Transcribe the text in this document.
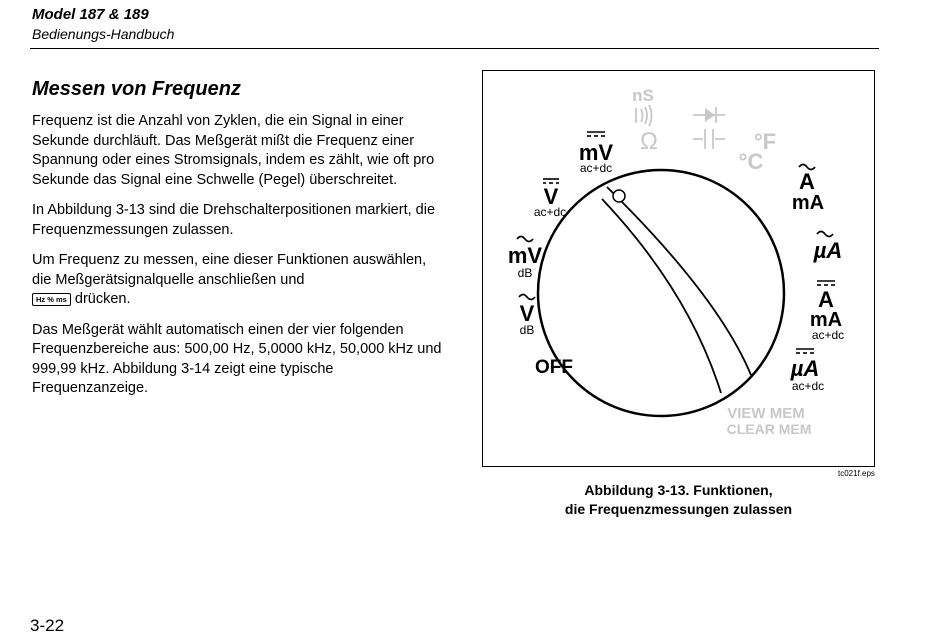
Model 187 & 189
Bedienungs-Handbuch
Messen von Frequenz

Frequenz ist die Anzahl von Zyklen, die ein Signal in einer Sekunde durchläuft. Das Meßgerät mißt die Frequenz einer Spannung oder eines Stromsignals, indem es zählt, wie oft pro Sekunde das Signal eine Schwelle (Pegel) überschreitet.

In Abbildung 3-13 sind die Drehschalterpositionen markiert, die Frequenzmessungen zulassen.

Um Frequenz zu messen, eine dieser Funktionen auswählen, die Meßgerätsignalquelle anschließen und
Hz % ms drücken.

Das Meßgerät wählt automatisch einen der vier folgenden Frequenzbereiche aus: 500,00 Hz, 5,0000 kHz, 50,000 kHz und 999,99 kHz. Abbildung 3-14 zeigt eine typische Frequenzanzeige.

nS
Ω	°F
°C
VIEW MEM
CLEAR MEM
mV
ac+dc
V
ac+dc
mV
dB
V
dB
OFF
A
mA
µA
A
mA
ac+dc
µA
ac+dc
tc021f.eps
Abbildung 3-13. Funktionen,
die Frequenzmessungen zulassen
3-22
